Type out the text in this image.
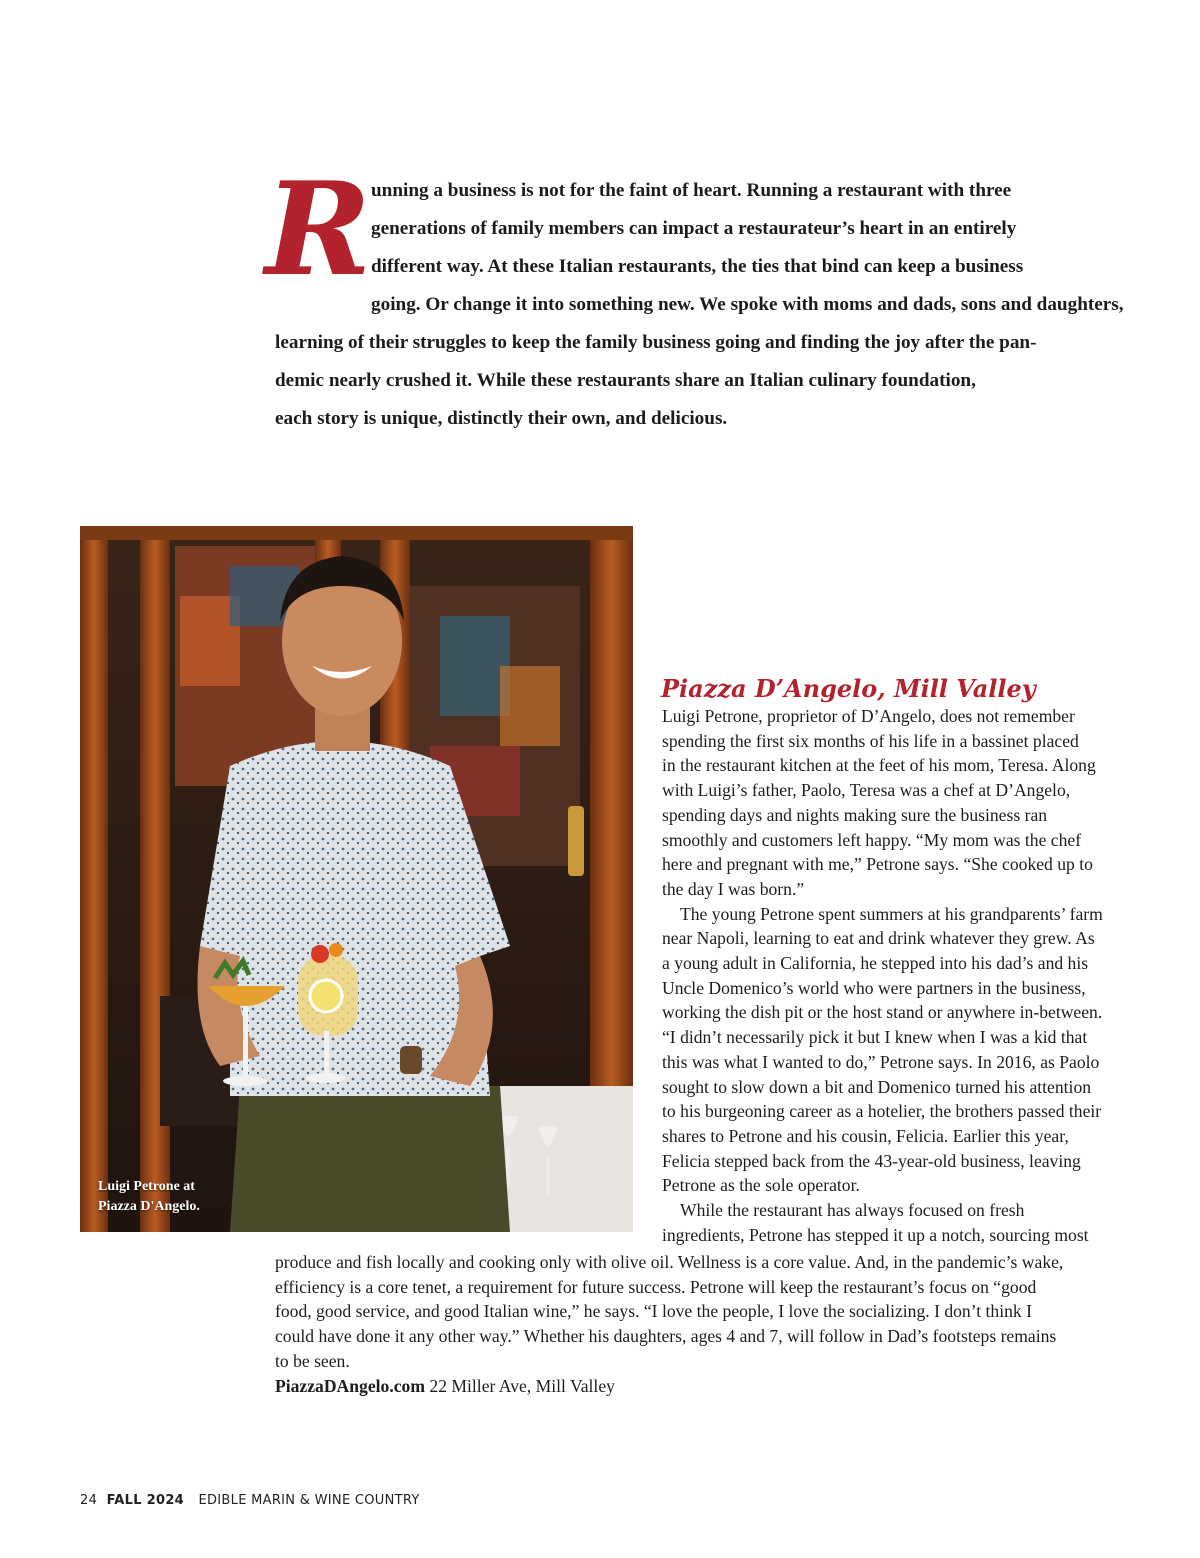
R unning a business is not for the faint of heart. Running a restaurant with three
generations of family members can impact a restaurateur’s heart in an entirely
different way. At these Italian restaurants, the ties that bind can keep a business
going. Or change it into something new. We spoke with moms and dads, sons and daughters,
learning of their struggles to keep the family business going and finding the joy after the pan-
demic nearly crushed it. While these restaurants share an Italian culinary foundation,
each story is unique, distinctly their own, and delicious.
Luigi Petrone at
Piazza D'Angelo.
Piazza D’Angelo, Mill Valley

Luigi Petrone, proprietor of D’Angelo, does not remember
spending the first six months of his life in a bassinet placed
in the restaurant kitchen at the feet of his mom, Teresa. Along
with Luigi’s father, Paolo, Teresa was a chef at D’Angelo,
spending days and nights making sure the business ran
smoothly and customers left happy. “My mom was the chef
here and pregnant with me,” Petrone says. “She cooked up to
the day I was born.”

The young Petrone spent summers at his grandparents’ farm
near Napoli, learning to eat and drink whatever they grew. As
a young adult in California, he stepped into his dad’s and his
Uncle Domenico’s world who were partners in the business,
working the dish pit or the host stand or anywhere in-between.
“I didn’t necessarily pick it but I knew when I was a kid that
this was what I wanted to do,” Petrone says. In 2016, as Paolo
sought to slow down a bit and Domenico turned his attention
to his burgeoning career as a hotelier, the brothers passed their
shares to Petrone and his cousin, Felicia. Earlier this year,
Felicia stepped back from the 43-year-old business, leaving
Petrone as the sole operator.

While the restaurant has always focused on fresh
ingredients, Petrone has stepped it up a notch, sourcing most

produce and fish locally and cooking only with olive oil. Wellness is a core value. And, in the pandemic’s wake,
efficiency is a core tenet, a requirement for future success. Petrone will keep the restaurant’s focus on “good
food, good service, and good Italian wine,” he says. “I love the people, I love the socializing. I don’t think I
could have done it any other way.” Whether his daughters, ages 4 and 7, will follow in Dad’s footsteps remains
to be seen.

PiazzaDAngelo.com 22 Miller Ave, Mill Valley

24 FALL 2024 EDIBLE MARIN & WINE COUNTRY
